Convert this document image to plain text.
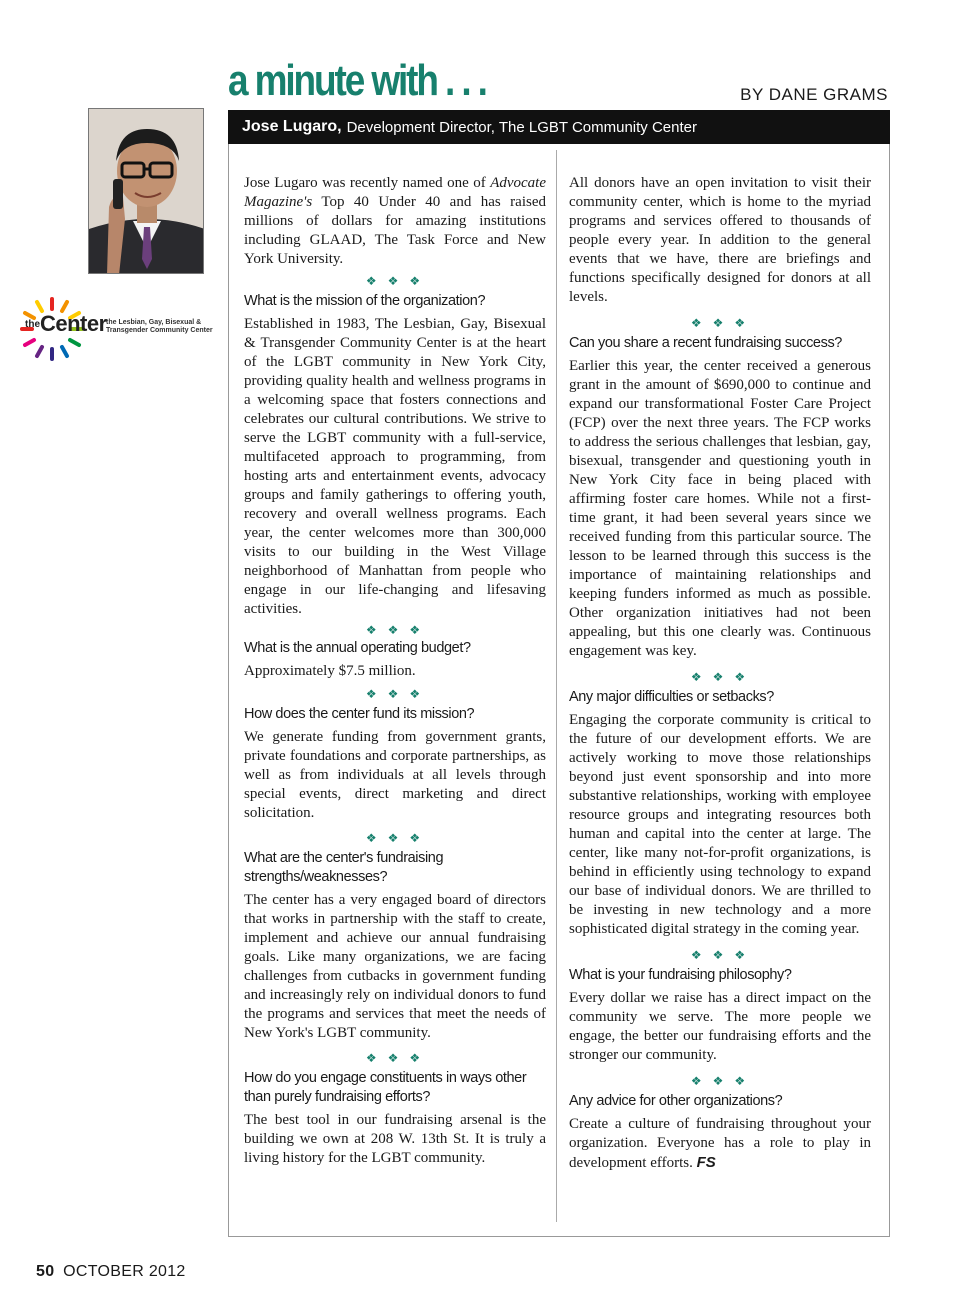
a minute with . . .	BY DANE GRAMS
the Center the Lesbian, Gay, Bisexual & Transgender Community Center
Jose Lugaro, Development Director, The LGBT Community Center

Jose Lugaro was recently named one of Advocate Magazine's Top 40 Under 40 and has raised millions of dollars for amazing institutions including GLAAD, The Task Force and New York University.

❖ ❖ ❖
What is the mission of the organization?

Established in 1983, The Lesbian, Gay, Bisexual & Transgender Community Center is at the heart of the LGBT community in New York City, providing quality health and wellness programs in a welcoming space that fosters connections and celebrates our cultural contributions. We strive to serve the LGBT community with a full-service, multifaceted approach to programming, from hosting arts and entertainment events, advocacy groups and family gatherings to offering youth, recovery and overall wellness programs. Each year, the center welcomes more than 300,000 visits to our building in the West Village neighborhood of Manhattan from people who engage in our life-changing and lifesaving activities.

❖ ❖ ❖
What is the annual operating budget?

Approximately $7.5 million.

❖ ❖ ❖
How does the center fund its mission?

We generate funding from government grants, private foundations and corporate partnerships, as well as from individuals at all levels through special events, direct marketing and direct solicitation.

❖ ❖ ❖
What are the center's fundraising strengths/weaknesses?

The center has a very engaged board of directors that works in partnership with the staff to create, implement and achieve our annual fundraising goals. Like many organizations, we are facing challenges from cutbacks in government funding and increasingly rely on individual donors to fund the programs and services that meet the needs of New York's LGBT community.

❖ ❖ ❖
How do you engage constituents in ways other than purely fundraising efforts?

The best tool in our fundraising arsenal is the building we own at 208 W. 13th St. It is truly a living history for the LGBT community.

All donors have an open invitation to visit their community center, which is home to the myriad programs and services offered to thousands of people every year. In addition to the general events that we have, there are briefings and functions specifically designed for donors at all levels.

❖ ❖ ❖
Can you share a recent fundraising success?

Earlier this year, the center received a generous grant in the amount of $690,000 to continue and expand our transformational Foster Care Project (FCP) over the next three years. The FCP works to address the serious challenges that lesbian, gay, bisexual, transgender and questioning youth in New York City face in being placed with affirming foster care homes. While not a first-time grant, it had been several years since we received funding from this particular source. The lesson to be learned through this success is the importance of maintaining relationships and keeping funders informed as much as possible. Other organization initiatives had not been appealing, but this one clearly was. Continuous engagement was key.

❖ ❖ ❖
Any major difficulties or setbacks?

Engaging the corporate community is critical to the future of our development efforts. We are actively working to move those relationships beyond just event sponsorship and into more substantive relationships, working with employee resource groups and integrating resources both human and capital into the center at large. The center, like many not-for-profit organizations, is behind in efficiently using technology to expand our base of individual donors. We are thrilled to be investing in new technology and a more sophisticated digital strategy in the coming year.

❖ ❖ ❖
What is your fundraising philosophy?

Every dollar we raise has a direct impact on the community we serve. The more people we engage, the better our fundraising efforts and the stronger our community.

❖ ❖ ❖
Any advice for other organizations?

Create a culture of fundraising throughout your organization. Everyone has a role to play in development efforts. FS

50 OCTOBER 2012
